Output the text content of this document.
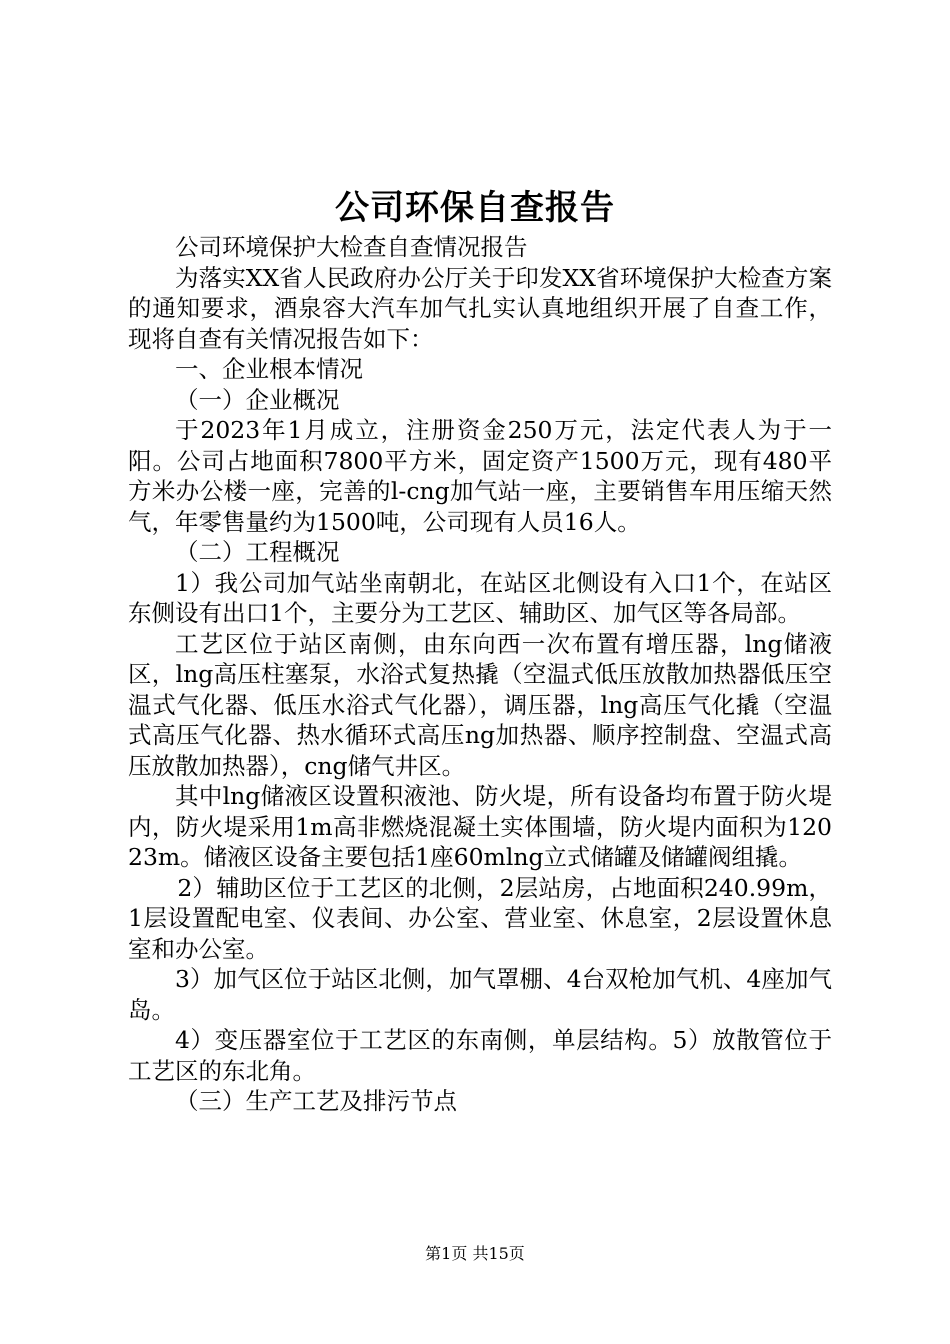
公司环保自查报告

公司环境保护大检查自查情况报告

为落实XX省人民政府办公厅关于印发XX省环境保护大检查方案的通知要求，酒泉容大汽车加气扎实认真地组织开展了自查工作，现将自查有关情况报告如下：

一、企业根本情况

（一）企业概况

于2023年1月成立，注册资金250万元，法定代表人为于一阳。公司占地面积7800平方米，固定资产1500万元，现有480平方米办公楼一座，完善的l-cng加气站一座，主要销售车用压缩天然气，年零售量约为1500吨，公司现有人员16人。

（二）工程概况

1）我公司加气站坐南朝北，在站区北侧设有入口1个，在站区东侧设有出口1个，主要分为工艺区、辅助区、加气区等各局部。

工艺区位于站区南侧，由东向西一次布置有增压器，lng储液区，lng高压柱塞泵，水浴式复热撬（空温式低压放散加热器低压空温式气化器、低压水浴式气化器），调压器，lng高压气化撬（空温式高压气化器、热水循环式高压ng加热器、顺序控制盘、空温式高压放散加热器），cng储气井区。

其中lng储液区设置积液池、防火堤，所有设备均布置于防火堤内，防火堤采用1m高非燃烧混凝土实体围墙，防火堤内面积为12023m。储液区设备主要包括1座60mlng立式储罐及储罐阀组撬。

2）辅助区位于工艺区的北侧，2层站房，占地面积240.99m，1层设置配电室、仪表间、办公室、营业室、休息室，2层设置休息室和办公室。

3）加气区位于站区北侧，加气罩棚、4台双枪加气机、4座加气岛。

4）变压器室位于工艺区的东南侧，单层结构。5）放散管位于工艺区的东北角。

（三）生产工艺及排污节点

第1页 共15页
